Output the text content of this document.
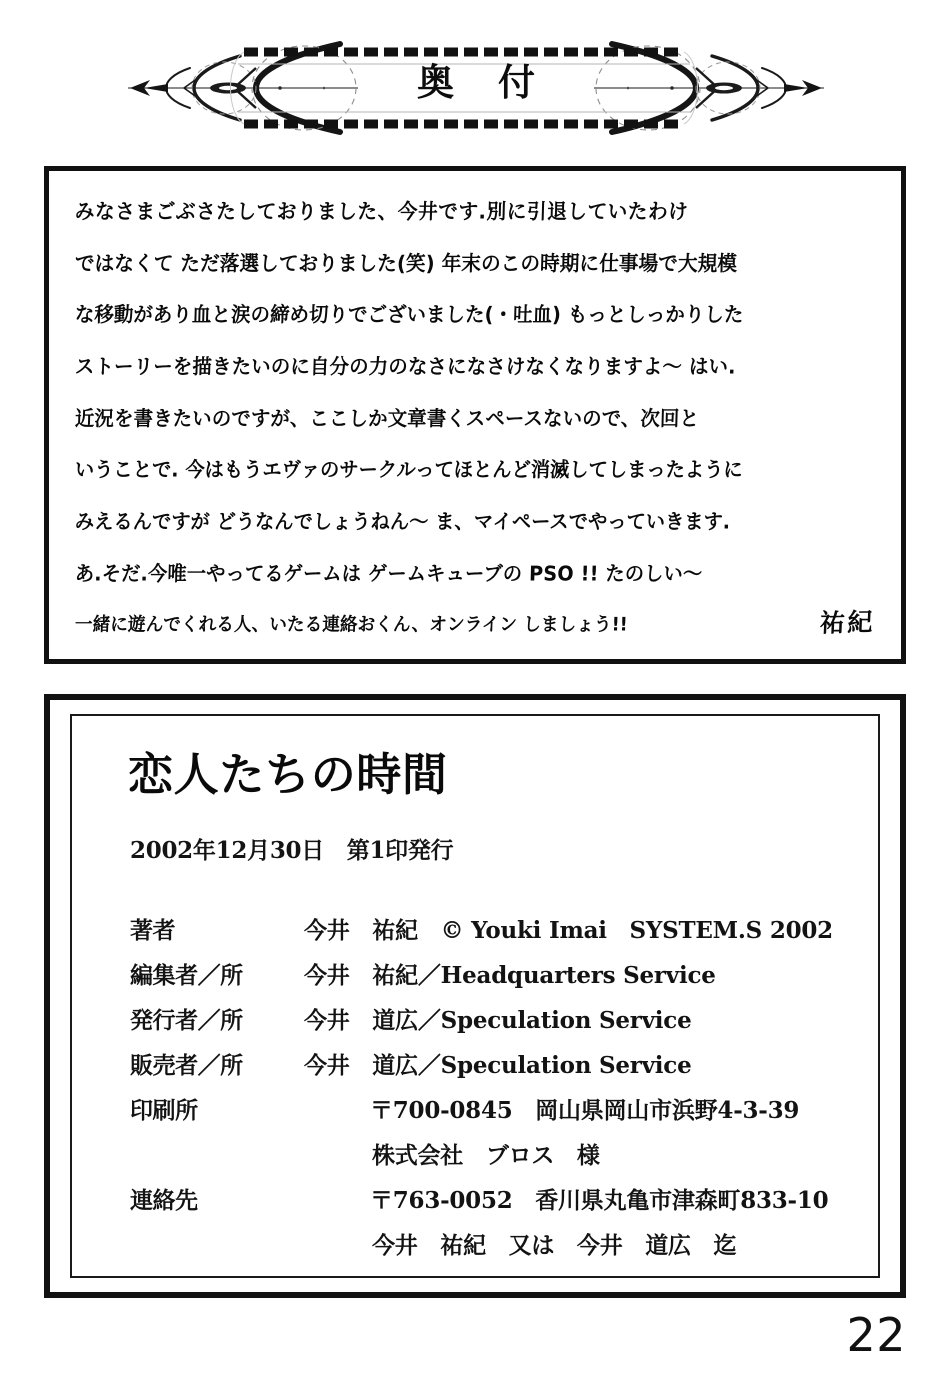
奥 付
みなさまごぶさたしておりました、今井です.別に引退していたわけ
ではなくて ただ落選しておりました(笑) 年末のこの時期に仕事場で大規模
な移動があり血と涙の締め切りでございました(・吐血) もっとしっかりした
ストーリーを描きたいのに自分の力のなさになさけなくなりますよ〜 はい.
近況を書きたいのですが、ここしか文章書くスペースないので、次回と
いうことで. 今はもうエヴァのサークルってほとんど消滅してしまったように
みえるんですが どうなんでしょうねん〜 ま、マイペースでやっていきます.
あ.そだ.今唯一やってるゲームは ゲームキューブの PSO !! たのしい〜
一緒に遊んでくれる人、いたる連絡おくん、オンライン しましょう!!	祐紀
恋人たちの時間
2002年12月30日　第1印発行
著者	今井　祐紀　© Youki Imai　SYSTEM.S 2002
編集者／所	今井　祐紀／Headquarters Service
発行者／所	今井　道広／Speculation Service
販売者／所	今井　道広／Speculation Service
印刷所	〒700-0845　岡山県岡山市浜野4-3-39
株式会社　ブロス　様
連絡先	〒763-0052　香川県丸亀市津森町833-10
今井　祐紀　又は　今井　道広　迄
22
